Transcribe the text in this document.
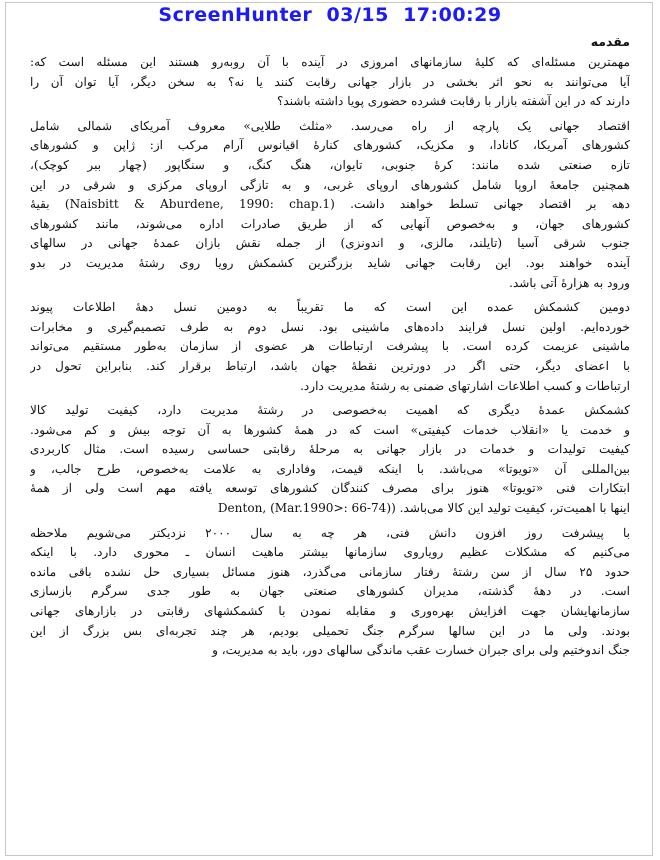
ScreenHunter  03/15  17:00:29
مقدمه
مهمترین مسئله‌ای که کلیهٔ سازمانهای امروزی در آینده با آن روبه‌رو هستند این مسئله است که:
آیا می‌توانند به نحو اثر بخشی در بازار جهانی رقابت کنند یا نه؟ به سخن دیگر، آیا توان آن را
دارند که در این آشفته بازار با رقابت فشرده حضوری پویا داشته باشند؟
اقتصاد جهانی یک پارچه از راه می‌رسد. «مثلث طلایی» معروف آمریکای شمالی شامل
کشورهای آمریکا، کانادا، و مکزیک، کشورهای کنارهٔ اقیانوس آرام مرکب از: ژاپن و کشورهای
تازه صنعتی شده مانند: کرهٔ جنوبی، تایوان، هنگ کنگ، و سنگاپور (چهار ببر کوچک)،
همچنین جامعهٔ اروپا شامل کشورهای اروپای غربی، و به تازگی اروپای مرکزی و شرقی در این
دهه بر اقتصاد جهانی تسلط خواهند داشت. (Naisbitt & Aburdene, 1990: chap.1) بقیهٔ
کشورهای جهان، و به‌خصوص آنهایی که از طریق صادرات اداره می‌شوند، مانند کشورهای
جنوب شرقی آسیا (تایلند، مالزی، و اندونزی) از جمله نقش بازان عمدهٔ جهانی در سالهای
آینده خواهند بود. این رقابت جهانی شاید بزرگترین کشمکش رویا روی رشتهٔ مدیریت در بدو
ورود به هزارهٔ آتی باشد.
دومین کشمکش عمده این است که ما تقریباً به دومین نسل دههٔ اطلاعات پیوند
خورده‌ایم. اولین نسل فرایند داده‌های ماشینی بود. نسل دوم به طرف تصمیم‌گیری و مخابرات
ماشینی عزیمت کرده است. با پیشرفت ارتباطات هر عضوی از سازمان به‌طور مستقیم می‌تواند
با اعضای دیگر، حتی اگر در دورترین نقطهٔ جهان باشد، ارتباط برقرار کند. بنابراین تحول در
ارتباطات و کسب اطلاعات اشارتهای ضمنی به رشتهٔ مدیریت دارد.
کشمکش عمدهٔ دیگری که اهمیت به‌خصوصی در رشتهٔ مدیریت دارد، کیفیت تولید کالا
و خدمت یا «انقلاب خدمات کیفیتی» است که در همهٔ کشورها به آن توجه بیش و کم می‌شود.
کیفیت تولیدات و خدمات در بازار جهانی به مرحلهٔ رقابتی حساسی رسیده است. مثال کاربردی
بین‌المللی آن «تویوتا» می‌باشد. با اینکه قیمت، وفاداری به علامت به‌خصوص، طرح جالب، و
ابتکارات فنی «تویوتا» هنوز برای مصرف کنندگان کشورهای توسعه یافته مهم است ولی از همهٔ
اینها با اهمیت‌تر، کیفیت تولید این کالا می‌باشد. (Denton, (Mar.1990>: 66-74)
با پیشرفت روز افزون دانش فنی، هر چه به سال ۲۰۰۰ نزدیکتر می‌شویم ملاحظه
می‌کنیم که مشکلات عظیم رویاروی سازمانها بیشتر ماهیت انسان ـ محوری دارد. با اینکه
حدود ۲۵ سال از سن رشتهٔ رفتار سازمانی می‌گذرد، هنوز مسائل بسیاری حل نشده باقی مانده
است. در دههٔ گذشته، مدیران کشورهای صنعتی جهان به طور جدی سرگرم بازسازی
سازمانهایشان جهت افزایش بهره‌وری و مقابله نمودن با کشمکشهای رقابتی در بازارهای جهانی
بودند. ولی ما در این سالها سرگرم جنگ تحمیلی بودیم، هر چند تجربه‌ای بس بزرگ از این
جنگ اندوختیم ولی برای جبران خسارت عقب ماندگی سالهای دور، باید به مدیریت، و
